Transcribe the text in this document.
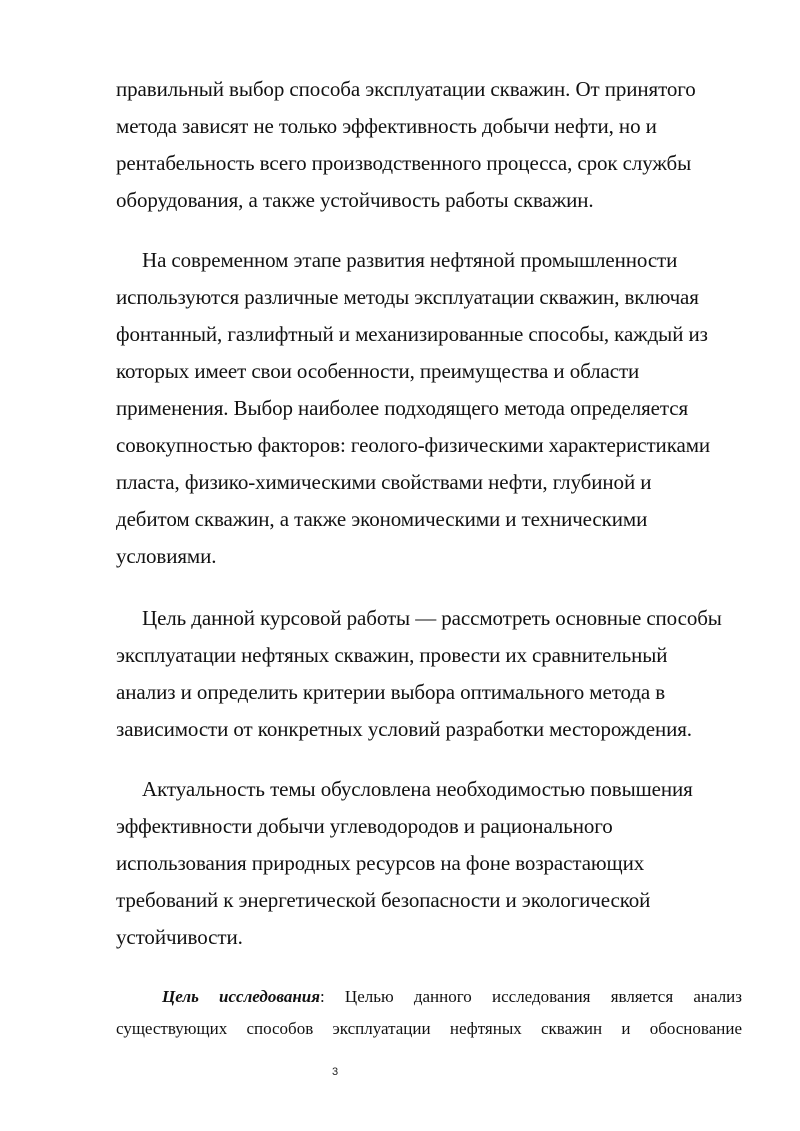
правильный выбор способа эксплуатации скважин. От принятого
метода зависят не только эффективность добычи нефти, но и
рентабельность всего производственного процесса, срок службы
оборудования, а также устойчивость работы скважин.

На современном этапе развития нефтяной промышленности
используются различные методы эксплуатации скважин, включая
фонтанный, газлифтный и механизированные способы, каждый из
которых имеет свои особенности, преимущества и области
применения. Выбор наиболее подходящего метода определяется
совокупностью факторов: геолого-физическими характеристиками
пласта, физико-химическими свойствами нефти, глубиной и
дебитом скважин, а также экономическими и техническими
условиями.

Цель данной курсовой работы — рассмотреть основные способы
эксплуатации нефтяных скважин, провести их сравнительный
анализ и определить критерии выбора оптимального метода в
зависимости от конкретных условий разработки месторождения.

Актуальность темы обусловлена необходимостью повышения
эффективности добычи углеводородов и рационального
использования природных ресурсов на фоне возрастающих
требований к энергетической безопасности и экологической
устойчивости.

Цель исследования: Целью данного исследования является анализ
существующих способов эксплуатации нефтяных скважин и обоснование

3
